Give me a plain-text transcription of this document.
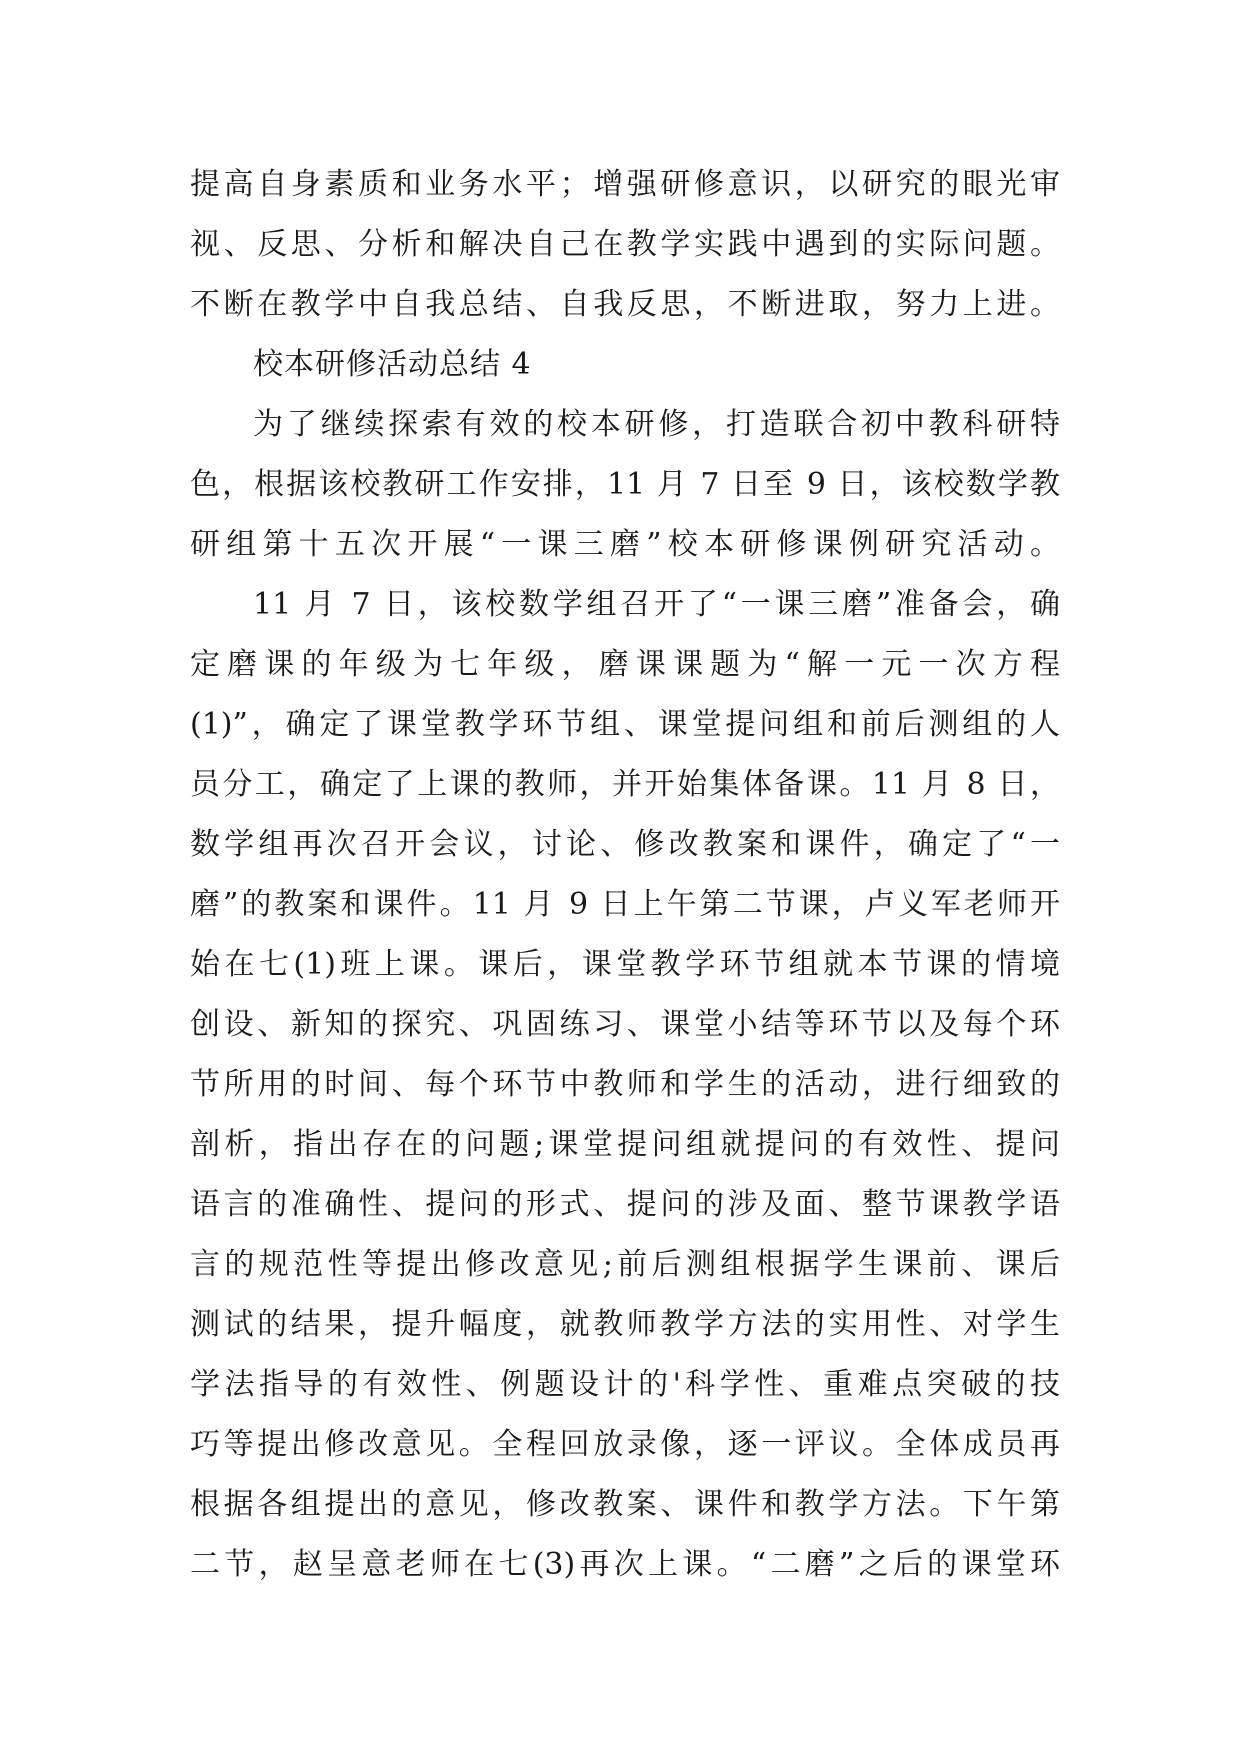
提高自身素质和业务水平；增强研修意识，以研究的眼光审
视、反思、分析和解决自己在教学实践中遇到的实际问题。
不断在教学中自我总结、自我反思，不断进取，努力上进。
校本研修活动总结 4
为了继续探索有效的校本研修，打造联合初中教科研特
色，根据该校教研工作安排，11 月 7 日至 9 日，该校数学教
研组第十五次开展“一课三磨”校本研修课例研究活动。
11 月 7 日，该校数学组召开了“一课三磨”准备会，确
定磨课的年级为七年级，磨课课题为“解一元一次方程
(1)”，确定了课堂教学环节组、课堂提问组和前后测组的人
员分工，确定了上课的教师，并开始集体备课。11 月 8 日，
数学组再次召开会议，讨论、修改教案和课件，确定了“一
磨”的教案和课件。11 月 9 日上午第二节课，卢义军老师开
始在七(1)班上课。课后，课堂教学环节组就本节课的情境
创设、新知的探究、巩固练习、课堂小结等环节以及每个环
节所用的时间、每个环节中教师和学生的活动，进行细致的
剖析，指出存在的问题;课堂提问组就提问的有效性、提问
语言的准确性、提问的形式、提问的涉及面、整节课教学语
言的规范性等提出修改意见;前后测组根据学生课前、课后
测试的结果，提升幅度，就教师教学方法的实用性、对学生
学法指导的有效性、例题设计的'科学性、重难点突破的技
巧等提出修改意见。全程回放录像，逐一评议。全体成员再
根据各组提出的意见，修改教案、课件和教学方法。下午第
二节，赵呈意老师在七(3)再次上课。“二磨”之后的课堂环
